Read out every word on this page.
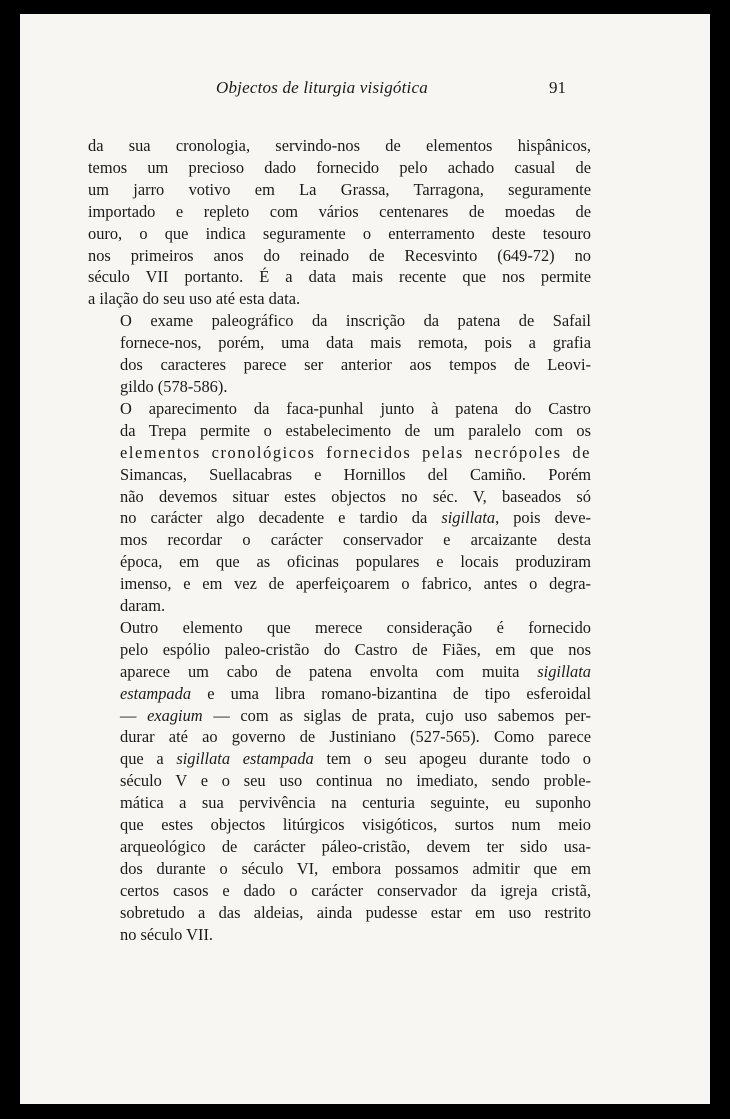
Objectos de liturgia visigótica	91

da sua cronologia, servindo-nos de elementos hispânicos,
temos um precioso dado fornecido pelo achado casual de
um jarro votivo em La Grassa, Tarragona, seguramente
importado e repleto com vários centenares de moedas de
ouro, o que indica seguramente o enterramento deste tesouro
nos primeiros anos do reinado de Recesvinto (649-72) no
século VII portanto. É a data mais recente que nos permite
a ilação do seu uso até esta data.

O exame paleográfico da inscrição da patena de Safail
fornece-nos, porém, uma data mais remota, pois a grafia
dos caracteres parece ser anterior aos tempos de Leovi-
gildo (578-586).

O aparecimento da faca-punhal junto à patena do Castro
da Trepa permite o estabelecimento de um paralelo com os
elementos cronológicos fornecidos pelas necrópoles de
Simancas, Suellacabras e Hornillos del Camiño. Porém
não devemos situar estes objectos no séc. V, baseados só
no carácter algo decadente e tardio da sigillata, pois deve-
mos recordar o carácter conservador e arcaizante desta
época, em que as oficinas populares e locais produziram
imenso, e em vez de aperfeiçoarem o fabrico, antes o degra-
daram.

Outro elemento que merece consideração é fornecido
pelo espólio paleo-cristão do Castro de Fiães, em que nos
aparece um cabo de patena envolta com muita sigillata
estampada e uma libra romano-bizantina de tipo esferoidal
— exagium — com as siglas de prata, cujo uso sabemos per-
durar até ao governo de Justiniano (527-565). Como parece
que a sigillata estampada tem o seu apogeu durante todo o
século V e o seu uso continua no imediato, sendo proble-
mática a sua pervivência na centuria seguinte, eu suponho
que estes objectos litúrgicos visigóticos, surtos num meio
arqueológico de carácter páleo-cristão, devem ter sido usa-
dos durante o século VI, embora possamos admitir que em
certos casos e dado o carácter conservador da igreja cristã,
sobretudo a das aldeias, ainda pudesse estar em uso restrito
no século VII.
